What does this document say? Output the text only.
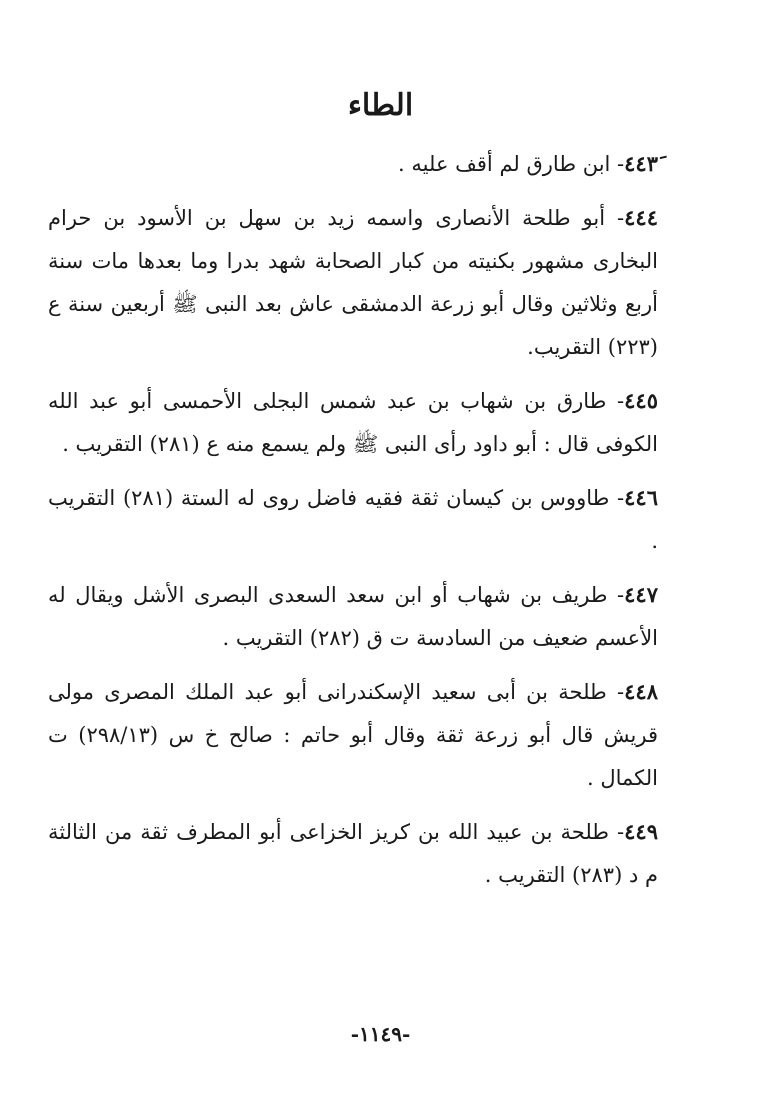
الطاء

٤٤٣َ- ابن طارق لم أقف عليه .

٤٤٤- أبو طلحة الأنصارى واسمه زيد بن سهل بن الأسود بن حرام البخارى مشهور بكنيته من كبار الصحابة شهد بدرا وما بعدها مات سنة أربع وثلاثين وقال أبو زرعة الدمشقى عاش بعد النبى ﷺ أربعين سنة ع (٢٢٣) التقريب.

٤٤٥- طارق بن شهاب بن عبد شمس البجلى الأحمسى أبو عبد الله الكوفى قال : أبو داود رأى النبى ﷺ ولم يسمع منه ع (٢٨١) التقريب .

٤٤٦- طاووس بن كيسان ثقة فقيه فاضل روى له الستة (٢٨١) التقريب .

٤٤٧- طريف بن شهاب أو ابن سعد السعدى البصرى الأشل ويقال له الأعسم ضعيف من السادسة ت ق (٢٨٢) التقريب .

٤٤٨- طلحة بن أبى سعيد الإسكندرانى أبو عبد الملك المصرى مولى قريش قال أبو زرعة ثقة وقال أبو حاتم : صالح خ س (٢٩٨/١٣) ت الكمال .

٤٤٩- طلحة بن عبيد الله بن كريز الخزاعى أبو المطرف ثقة من الثالثة م د (٢٨٣) التقريب .

-١١٤٩-
